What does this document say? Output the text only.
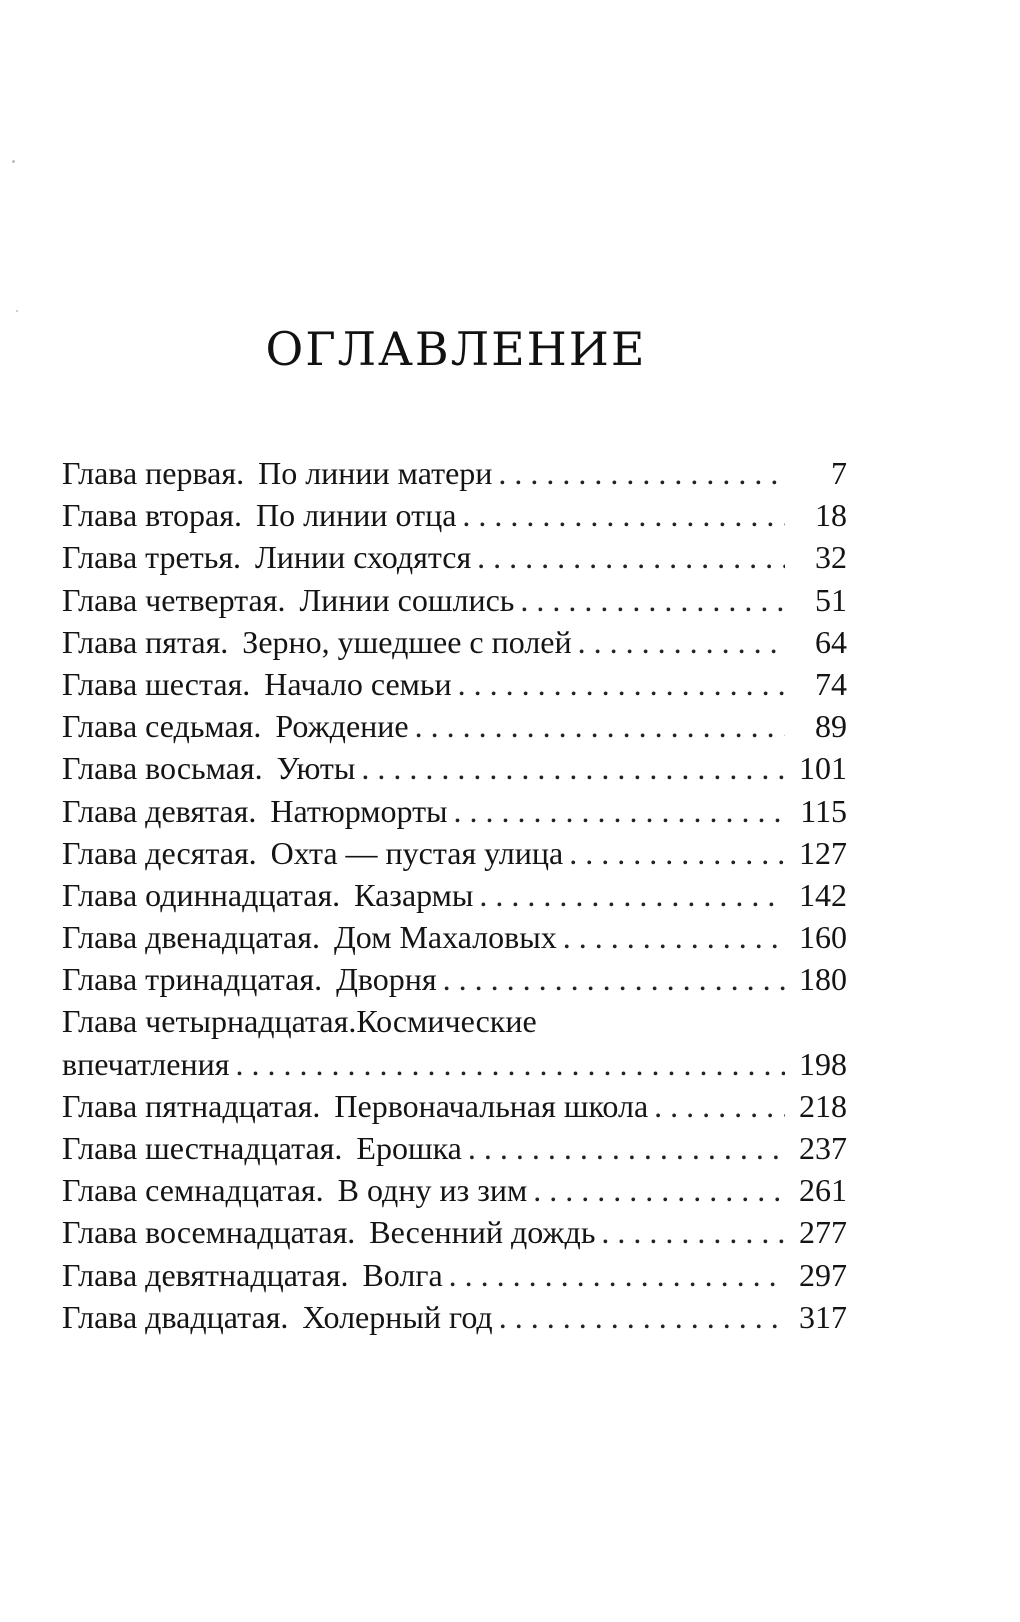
ОГЛАВЛЕНИЕ
Глава первая. По линии матери . . .	7
Глава вторая. По линии отца . . .	18
Глава третья. Линии сходятся . . .	32
Глава четвертая. Линии сошлись . . .	51
Глава пятая. Зерно, ушедшее с полей . . .	64
Глава шестая. Начало семьи . . .	74
Глава седьмая. Рождение . . .	89
Глава восьмая. Уюты . . .	101
Глава девятая. Натюрморты . . .	115
Глава десятая. Охта — пустая улица . . .	127
Глава одиннадцатая. Казармы . . .	142
Глава двенадцатая. Дом Махаловых . . .	160
Глава тринадцатая. Дворня . . .	180
Глава четырнадцатая.Космические
впечатления . . .	198
Глава пятнадцатая. Первоначальная школа . . .	218
Глава шестнадцатая. Ерошка . . .	237
Глава семнадцатая. В одну из зим . . .	261
Глава восемнадцатая. Весенний дождь . . .	277
Глава девятнадцатая. Волга . . .	297
Глава двадцатая. Холерный год . . .	317
